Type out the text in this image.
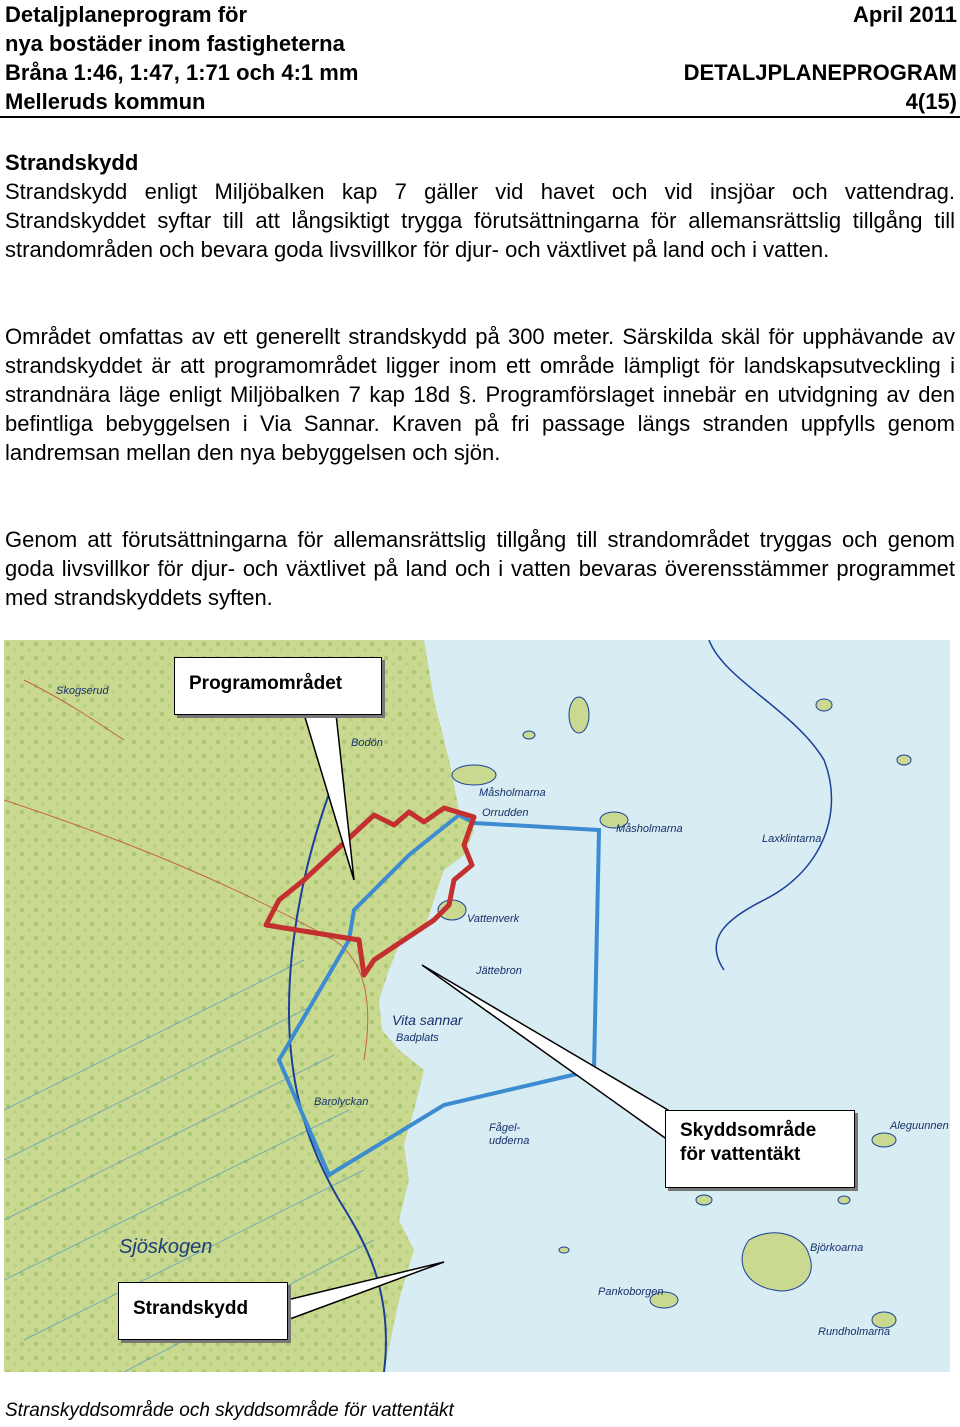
Detaljplaneprogram för
nya bostäder inom fastigheterna
Bråna 1:46, 1:47, 1:71 och 4:1 mm
Melleruds kommun
April 2011
DETALJPLANEPROGRAM
4(15)
Strandskydd
Strandskydd enligt Miljöbalken kap 7 gäller vid havet och vid insjöar och vattendrag. Strandskyddet syftar till att långsiktigt trygga förutsättningarna för allemansrättslig tillgång till strandområden och bevara goda livsvillkor för djur- och växtlivet på land och i vatten.
Området omfattas av ett generellt strandskydd på 300 meter. Särskilda skäl för upphävande av strandskyddet är att programområdet ligger inom ett område lämpligt för landskapsutveckling i strandnära läge enligt Miljöbalken 7 kap 18d §. Programförslaget innebär en utvidgning av den befintliga bebyggelsen i Via Sannar. Kraven på fri passage längs stranden uppfylls genom landremsan mellan den nya bebyggelsen och sjön.
Genom att förutsättningarna för allemansrättslig tillgång till strandområdet tryggas och genom goda livsvillkor för djur- och växtlivet på land och i vatten bevaras överensstämmer programmet med strandskyddets syften.
Skogserud
Bodön
Måsholmarna
Orrudden
Måsholmarna
Laxklintarna
Vattenverk
Jättebron
Vita sannar
Badplats
Barolyckan
Fågel-
udderna
Aleguunnen
Sjöskogen	Björkoarna
Pankoborgen
Rundholmarna
Programområdet
Skyddsområde
för vattentäkt
Strandskydd
Stranskyddsområde och skyddsområde för vattentäkt
